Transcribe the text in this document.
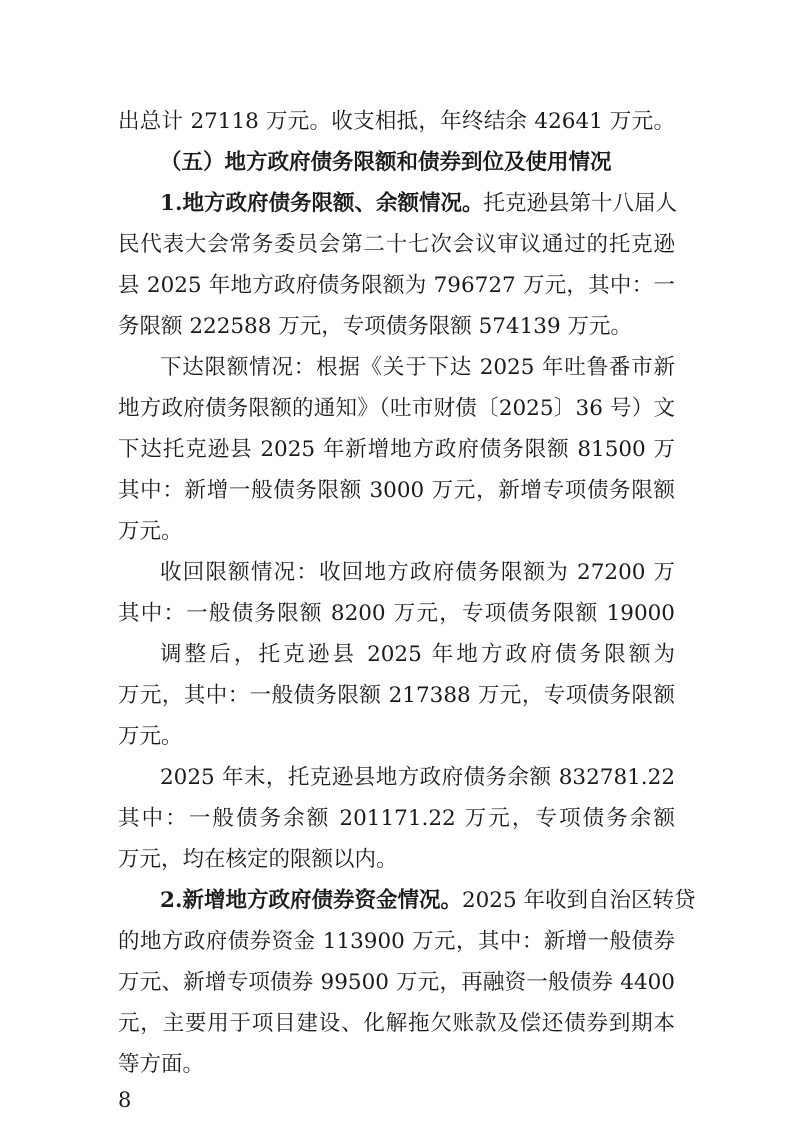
出总计 27118 万元。收支相抵，年终结余 42641 万元。
（五）地方政府债务限额和债券到位及使用情况
1.地方政府债务限额、余额情况。托克逊县第十八届人
民代表大会常务委员会第二十七次会议审议通过的托克逊
县 2025 年地方政府债务限额为 796727 万元，其中：一
务限额 222588 万元，专项债务限额 574139 万元。
下达限额情况：根据《关于下达 2025 年吐鲁番市新
地方政府债务限额的通知》（吐市财债〔2025〕36 号）文
下达托克逊县 2025 年新增地方政府债务限额 81500 万
其中：新增一般债务限额 3000 万元，新增专项债务限额
万元。
收回限额情况：收回地方政府债务限额为 27200 万
其中：一般债务限额 8200 万元，专项债务限额 19000
调整后，托克逊县 2025 年地方政府债务限额为
万元，其中：一般债务限额 217388 万元，专项债务限额
万元。
2025 年末，托克逊县地方政府债务余额 832781.22
其中：一般债务余额 201171.22 万元，专项债务余额
万元，均在核定的限额以内。
2.新增地方政府债券资金情况。2025 年收到自治区转贷
的地方政府债券资金 113900 万元，其中：新增一般债券
万元、新增专项债券 99500 万元，再融资一般债券 4400
元，主要用于项目建设、化解拖欠账款及偿还债券到期本
等方面。
8
